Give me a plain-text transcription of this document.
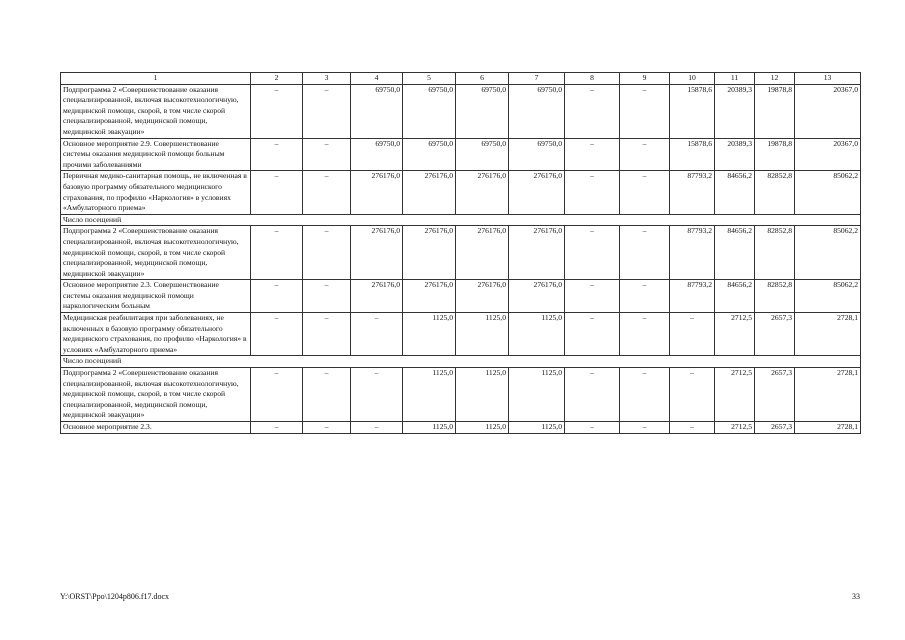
1	2	3	4	5	6	7	8	9	10	11	12	13
Подпрограмма 2 «Совершенствование оказания специализированной, включая высокотехнологичную, медицинской помощи, скорой, в том числе скорой специализированной, медицинской помощи, медицинской эвакуации»	–	–	69750,0	69750,0	69750,0	69750,0	–	–	15878,6	20389,3	19878,8	20367,0
Основное мероприятие 2.9. Совершенствование системы оказания медицинской помощи больным прочими заболеваниями	–	–	69750,0	69750,0	69750,0	69750,0	–	–	15878,6	20389,3	19878,8	20367,0
Первичная медико-санитарная помощь, не включенная в базовую программу обязательного медицинского страхования, по профилю «Наркология» в условиях «Амбулаторного приема»	–	–	276176,0	276176,0	276176,0	276176,0	–	–	87793,2	84656,2	82852,8	85062,2
Число посещений												
Подпрограмма 2 «Совершенствование оказания специализированной, включая высокотехнологичную, медицинской помощи, скорой, в том числе скорой специализированной, медицинской помощи, медицинской эвакуации»	–	–	276176,0	276176,0	276176,0	276176,0	–	–	87793,2	84656,2	82852,8	85062,2
Основное мероприятие 2.3. Совершенствование системы оказания медицинской помощи наркологическим больным	–	–	276176,0	276176,0	276176,0	276176,0	–	–	87793,2	84656,2	82852,8	85062,2
Медицинская реабилитация при заболеваниях, не включенных в базовую программу обязательного медицинского страхования, по профилю «Наркология» в условиях «Амбулаторного приема»	–	–	–	1125,0	1125,0	1125,0	–	–	–	2712,5	2657,3	2728,1
Число посещений												
Подпрограмма 2 «Совершенствование оказания специализированной, включая высокотехнологичную, медицинской помощи, скорой, в том числе скорой специализированной, медицинской помощи, медицинской эвакуации»	–	–	–	1125,0	1125,0	1125,0	–	–	–	2712,5	2657,3	2728,1
Основное мероприятие 2.3.	–	–	–	1125,0	1125,0	1125,0	–	–	–	2712,5	2657,3	2728,1
Y:\ORST\Ppo\1204p806.f17.docx	33
